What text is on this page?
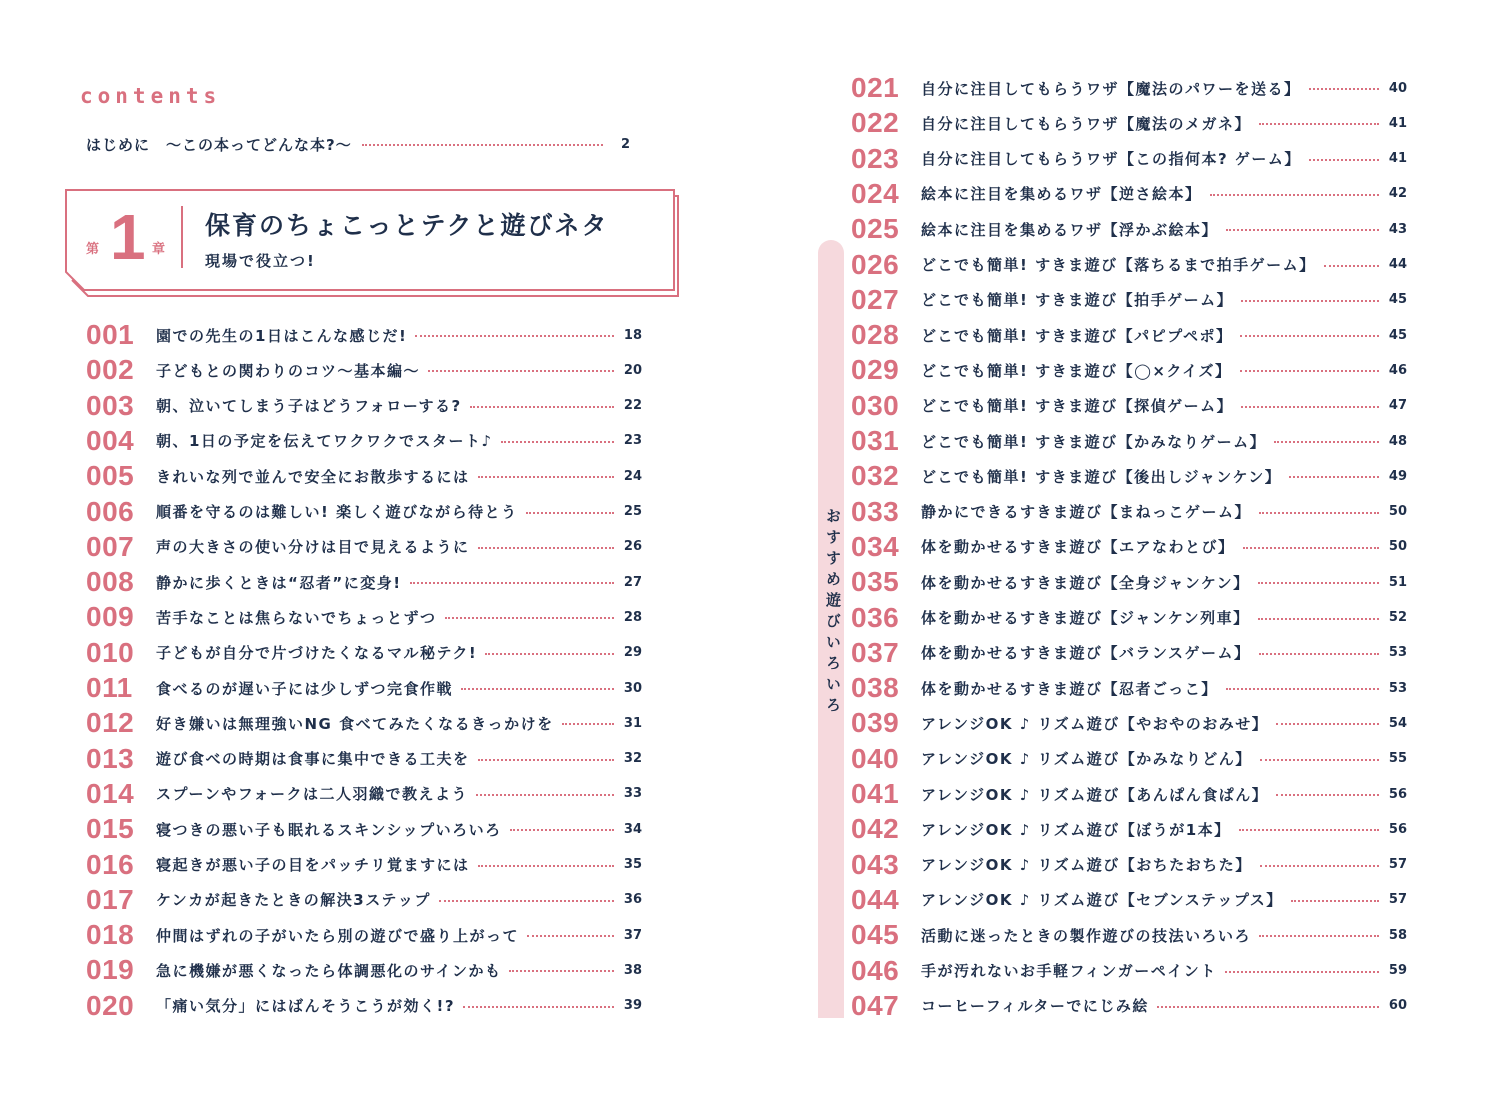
contents
はじめに　〜この本ってどんな本?〜	2
第 1 章
保育のちょこっとテクと遊びネタ
現場で役立つ!
001	園での先生の1日はこんな感じだ!	18
002	子どもとの関わりのコツ〜基本編〜	20
003	朝、泣いてしまう子はどうフォローする?	22
004	朝、1日の予定を伝えてワクワクでスタート♪	23
005	きれいな列で並んで安全にお散歩するには	24
006	順番を守るのは難しい! 楽しく遊びながら待とう	25
007	声の大きさの使い分けは目で見えるように	26
008	静かに歩くときは“忍者”に変身!	27
009	苦手なことは焦らないでちょっとずつ	28
010	子どもが自分で片づけたくなるマル秘テク!	29
011	食べるのが遅い子には少しずつ完食作戦	30
012	好き嫌いは無理強いNG 食べてみたくなるきっかけを	31
013	遊び食べの時期は食事に集中できる工夫を	32
014	スプーンやフォークは二人羽織で教えよう	33
015	寝つきの悪い子も眠れるスキンシップいろいろ	34
016	寝起きが悪い子の目をパッチリ覚ますには	35
017	ケンカが起きたときの解決3ステップ	36
018	仲間はずれの子がいたら別の遊びで盛り上がって	37
019	急に機嫌が悪くなったら体調悪化のサインかも	38
020	「痛い気分」にはばんそうこうが効く!?	39
おすすめ遊びいろいろ
021	自分に注目してもらうワザ【魔法のパワーを送る】	40
022	自分に注目してもらうワザ【魔法のメガネ】	41
023	自分に注目してもらうワザ【この指何本? ゲーム】	41
024	絵本に注目を集めるワザ【逆さ絵本】	42
025	絵本に注目を集めるワザ【浮かぶ絵本】	43
026	どこでも簡単! すきま遊び【落ちるまで拍手ゲーム】	44
027	どこでも簡単! すきま遊び【拍手ゲーム】	45
028	どこでも簡単! すきま遊び【パピプペポ】	45
029	どこでも簡単! すきま遊び【◯×クイズ】	46
030	どこでも簡単! すきま遊び【探偵ゲーム】	47
031	どこでも簡単! すきま遊び【かみなりゲーム】	48
032	どこでも簡単! すきま遊び【後出しジャンケン】	49
033	静かにできるすきま遊び【まねっこゲーム】	50
034	体を動かせるすきま遊び【エアなわとび】	50
035	体を動かせるすきま遊び【全身ジャンケン】	51
036	体を動かせるすきま遊び【ジャンケン列車】	52
037	体を動かせるすきま遊び【バランスゲーム】	53
038	体を動かせるすきま遊び【忍者ごっこ】	53
039	アレンジOK ♪ リズム遊び【やおやのおみせ】	54
040	アレンジOK ♪ リズム遊び【かみなりどん】	55
041	アレンジOK ♪ リズム遊び【あんぱん食ぱん】	56
042	アレンジOK ♪ リズム遊び【ぼうが1本】	56
043	アレンジOK ♪ リズム遊び【おちたおちた】	57
044	アレンジOK ♪ リズム遊び【セブンステップス】	57
045	活動に迷ったときの製作遊びの技法いろいろ	58
046	手が汚れないお手軽フィンガーペイント	59
047	コーヒーフィルターでにじみ絵	60
